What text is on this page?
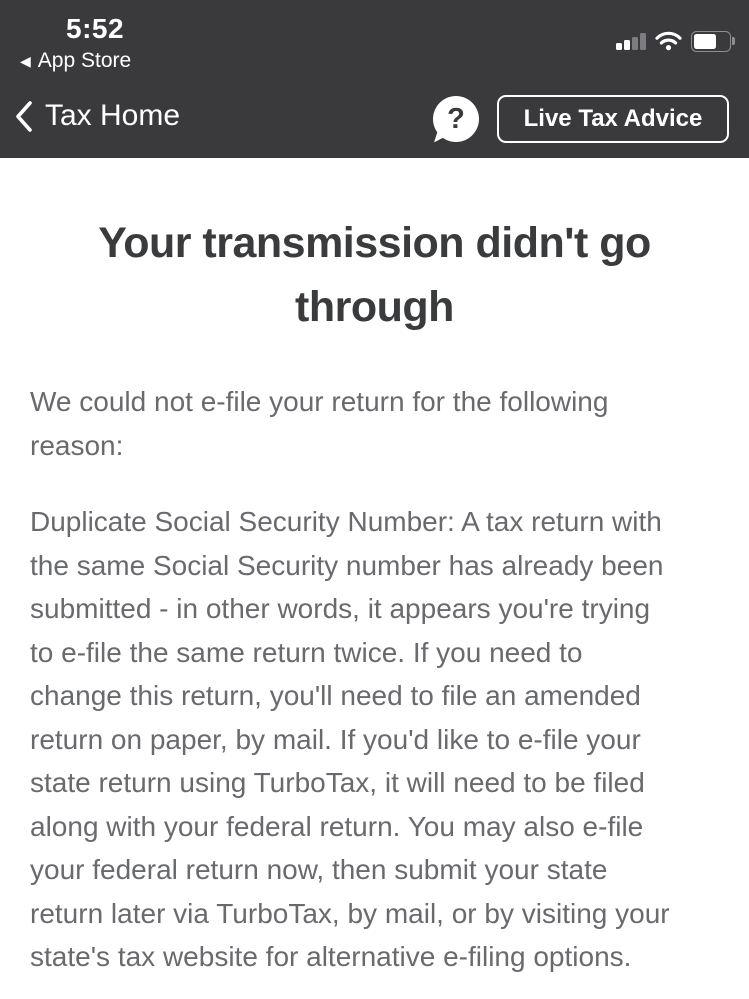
5:52
◀ App Store
Tax Home	?	Live Tax Advice
Your transmission didn't go
through
We could not e-file your return for the following
reason:
Duplicate Social Security Number: A tax return with
the same Social Security number has already been
submitted - in other words, it appears you're trying
to e-file the same return twice. If you need to
change this return, you'll need to file an amended
return on paper, by mail. If you'd like to e-file your
state return using TurboTax, it will need to be filed
along with your federal return. You may also e-file
your federal return now, then submit your state
return later via TurboTax, by mail, or by visiting your
state's tax website for alternative e-filing options.
